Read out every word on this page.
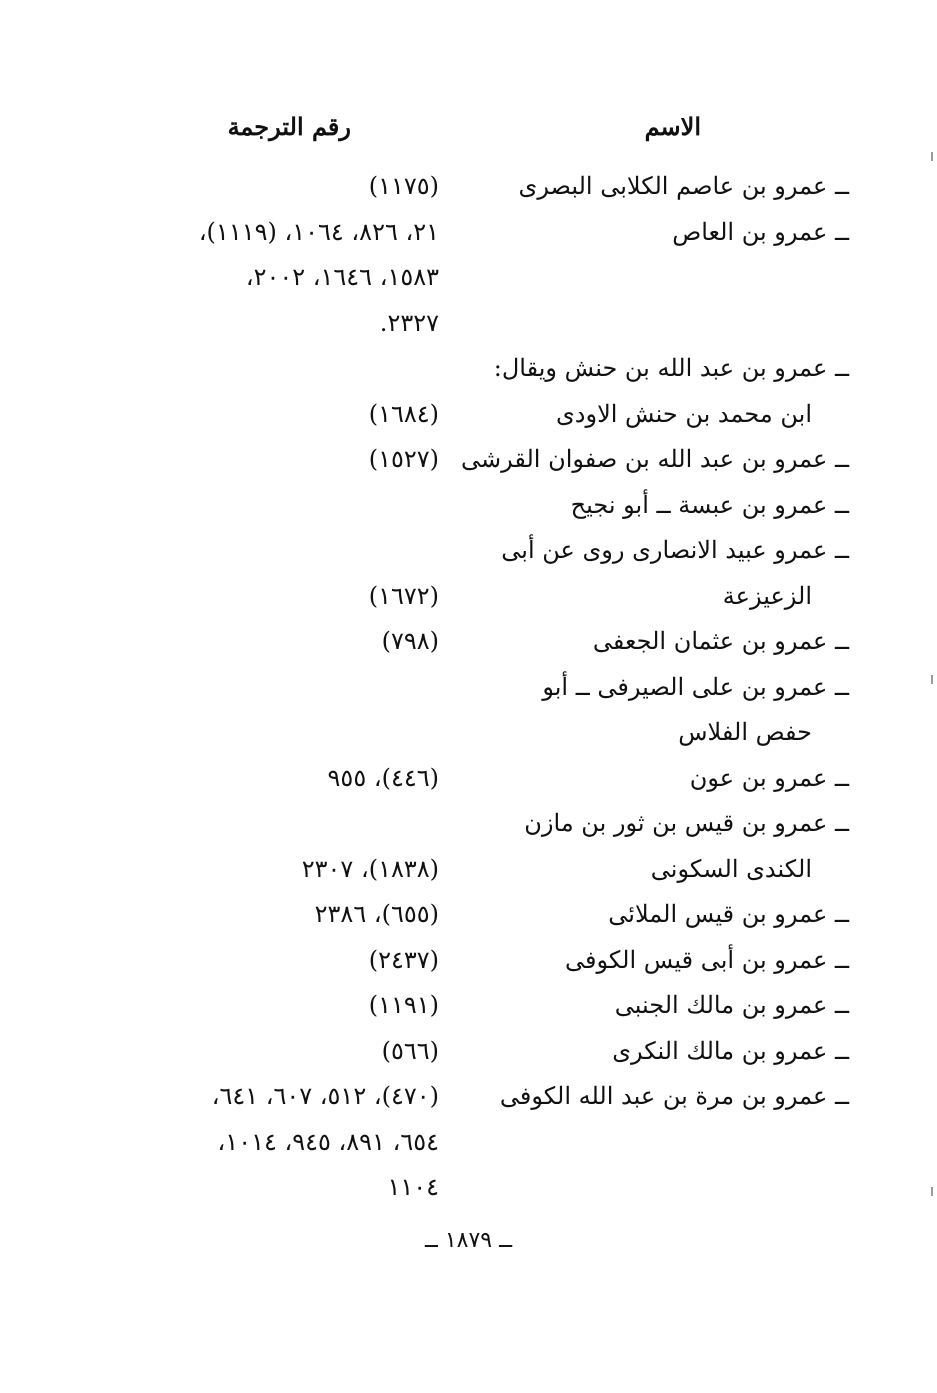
الاسم
رقم الترجمة
ــ عمرو بن عاصم الكلابى البصرى
(١١٧٥)
ــ عمرو بن العاص
٢١، ٨٢٦، ١٠٦٤، (١١١٩)،
١٥٨٣، ١٦٤٦، ٢٠٠٢،
٢٣٢٧.
ــ عمرو بن عبد الله بن حنش ويقال:
ابن محمد بن حنش الاودى
(١٦٨٤)
ــ عمرو بن عبد الله بن صفوان القرشى
(١٥٢٧)
ــ عمرو بن عبسة ــ أبو نجيح
ــ عمرو عبيد الانصارى روى عن أبى
الزعيزعة
(١٦٧٢)
ــ عمرو بن عثمان الجعفى
(٧٩٨)
ــ عمرو بن على الصيرفى ــ أبو
حفص الفلاس
ــ عمرو بن عون
(٤٤٦)، ٩٥٥
ــ عمرو بن قيس بن ثور بن مازن
الكندى السكونى
(١٨٣٨)، ٢٣٠٧
ــ عمرو بن قيس الملائى
(٦٥٥)، ٢٣٨٦
ــ عمرو بن أبى قيس الكوفى
(٢٤٣٧)
ــ عمرو بن مالك الجنبى
(١١٩١)
ــ عمرو بن مالك النكرى
(٥٦٦)
ــ عمرو بن مرة بن عبد الله الكوفى
(٤٧٠)، ٥١٢، ٦٠٧، ٦٤١،
٦٥٤، ٨٩١، ٩٤٥، ١٠١٤،
١١٠٤
ــ ١٨٧٩ ــ
